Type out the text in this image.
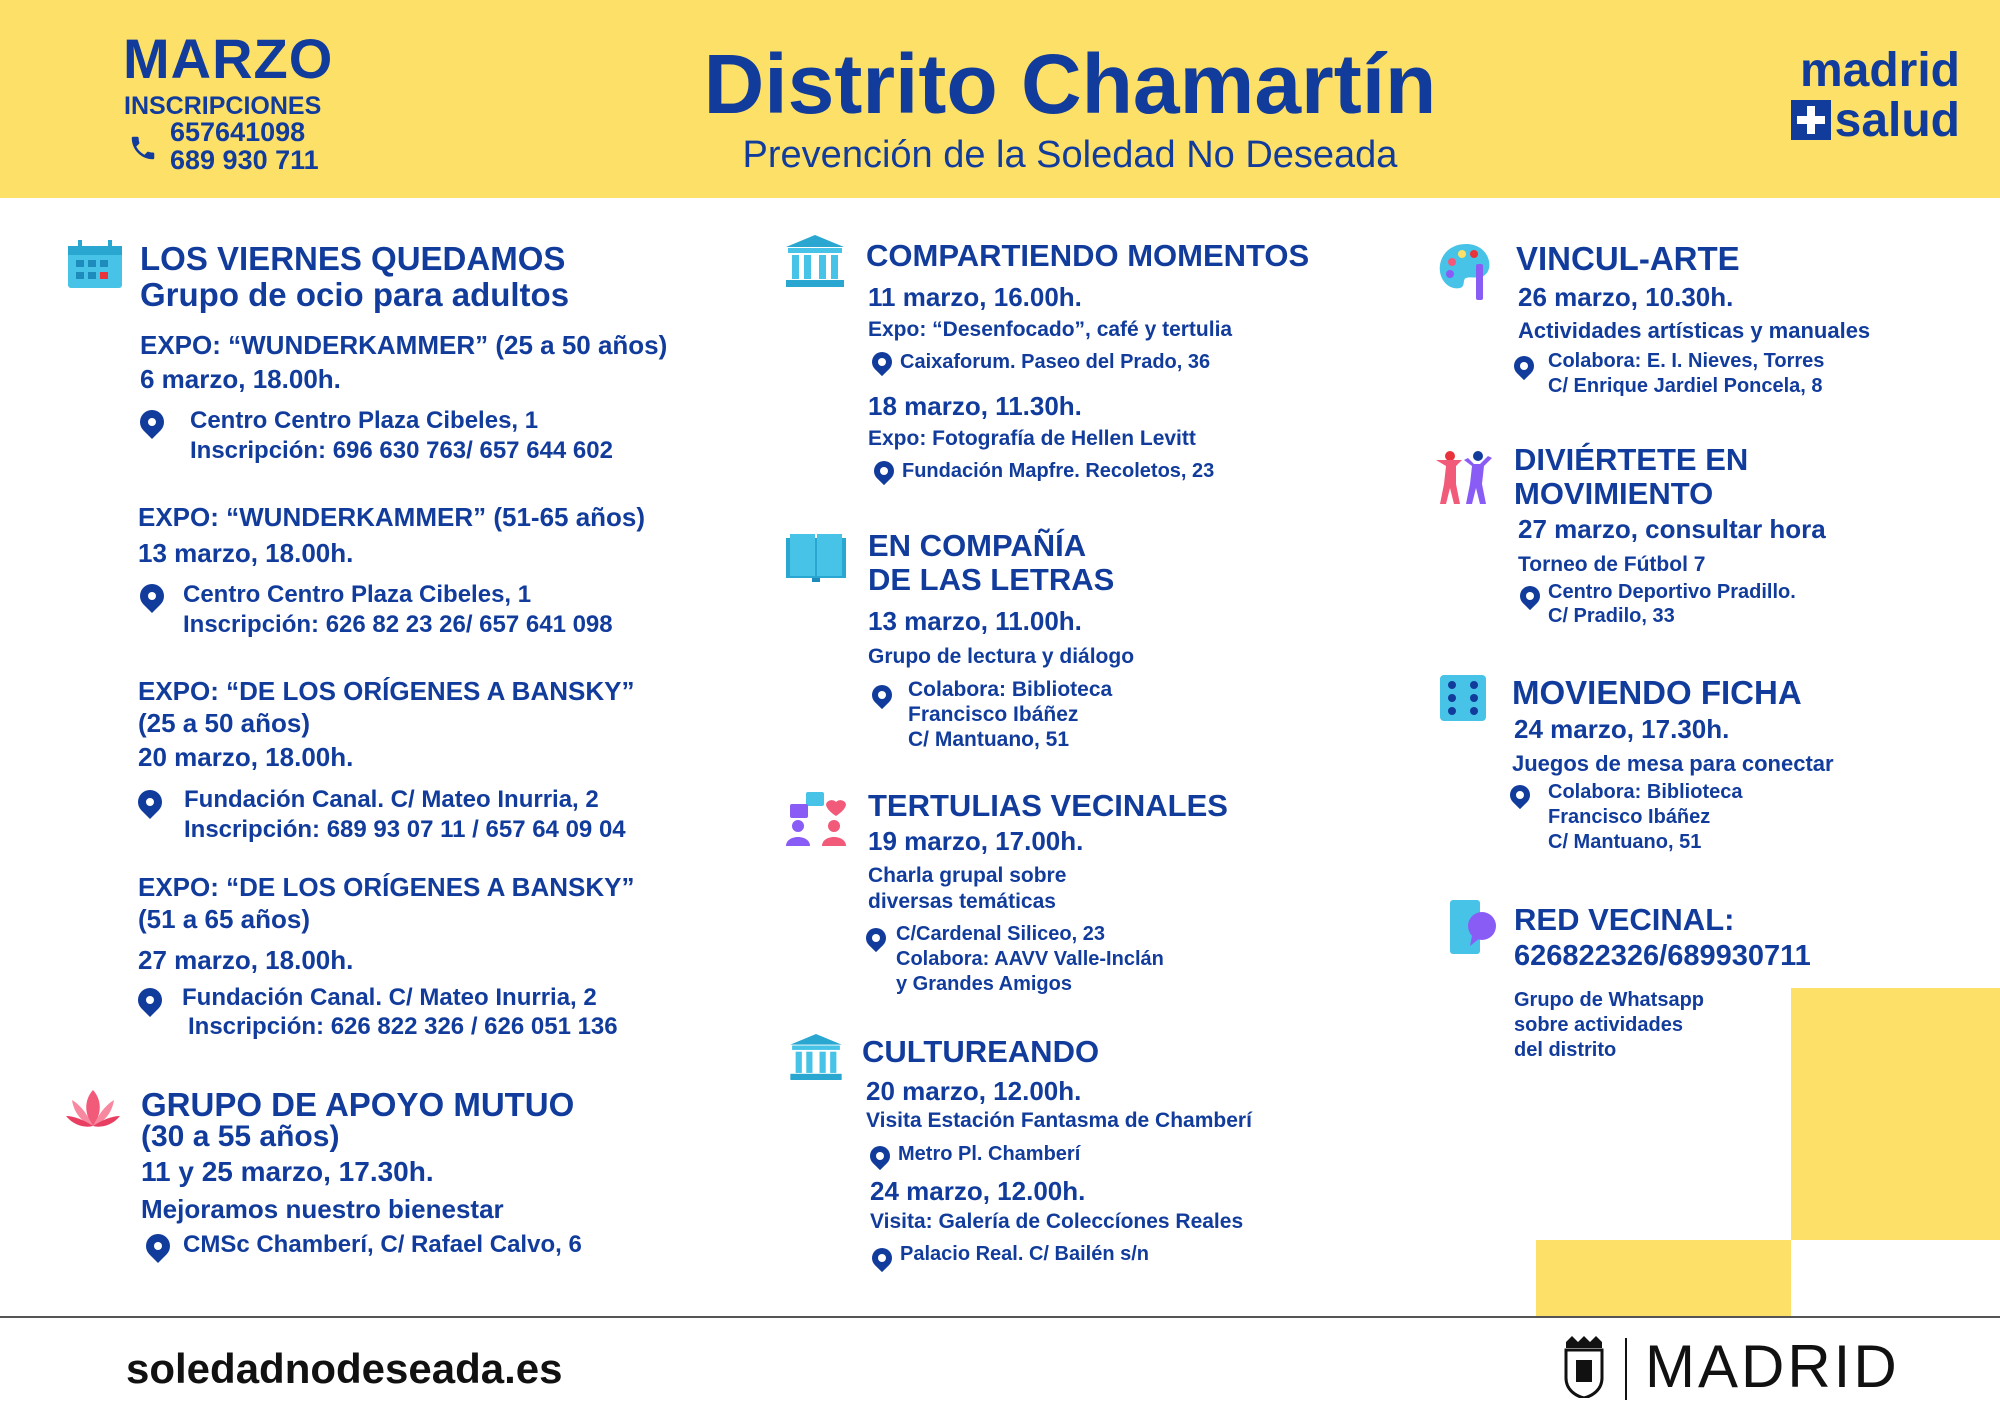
MARZO
INSCRIPCIONES
657641098
689 930 711
Distrito Chamartín
Prevención de la Soledad No Deseada
madrid
salud
LOS VIERNES QUEDAMOS
Grupo de ocio para adultos
EXPO: “WUNDERKAMMER” (25 a 50 años)
6 marzo, 18.00h.
Centro Centro Plaza Cibeles, 1
Inscripción: 696 630 763/ 657 644 602
EXPO: “WUNDERKAMMER” (51-65 años)
13 marzo, 18.00h.
Centro Centro Plaza Cibeles, 1
Inscripción: 626 82 23 26/ 657 641 098
EXPO: “DE LOS ORÍGENES A BANSKY”
(25 a 50 años)
20 marzo, 18.00h.
Fundación Canal. C/ Mateo Inurria, 2
Inscripción: 689 93 07 11 / 657 64 09 04
EXPO: “DE LOS ORÍGENES A BANSKY”
(51 a 65 años)
27 marzo, 18.00h.
Fundación Canal. C/ Mateo Inurria, 2
Inscripción: 626 822 326 / 626 051 136
GRUPO DE APOYO MUTUO
(30 a 55 años)
11 y 25 marzo, 17.30h.
Mejoramos nuestro bienestar
CMSc Chamberí, C/ Rafael Calvo, 6
COMPARTIENDO MOMENTOS
11 marzo, 16.00h.
Expo: “Desenfocado”, café y tertulia
Caixaforum. Paseo del Prado, 36
18 marzo, 11.30h.
Expo: Fotografía de Hellen Levitt
Fundación Mapfre. Recoletos, 23
EN COMPAÑÍA
DE LAS LETRAS
13 marzo, 11.00h.
Grupo de lectura y diálogo
Colabora: Biblioteca
Francisco Ibáñez
C/ Mantuano, 51
TERTULIAS VECINALES
19 marzo, 17.00h.
Charla grupal sobre
diversas temáticas
C/Cardenal Siliceo, 23
Colabora: AAVV Valle-Inclán
y Grandes Amigos
CULTUREANDO
20 marzo, 12.00h.
Visita Estación Fantasma de Chamberí
Metro Pl. Chamberí
24 marzo, 12.00h.
Visita: Galería de Coleccíones Reales
Palacio Real. C/ Bailén s/n
VINCUL-ARTE
26 marzo, 10.30h.
Actividades artísticas y manuales
Colabora: E. I. Nieves, Torres
C/ Enrique Jardiel Poncela, 8
DIVIÉRTETE EN
MOVIMIENTO
27 marzo, consultar hora
Torneo de Fútbol 7
Centro Deportivo Pradillo.
C/ Pradilo, 33
MOVIENDO FICHA
24 marzo, 17.30h.
Juegos de mesa para conectar
Colabora: Biblioteca
Francisco Ibáñez
C/ Mantuano, 51
RED VECINAL:
626822326/689930711
Grupo de Whatsapp
sobre actividades
del distrito
soledadnodeseada.es	MADRID
